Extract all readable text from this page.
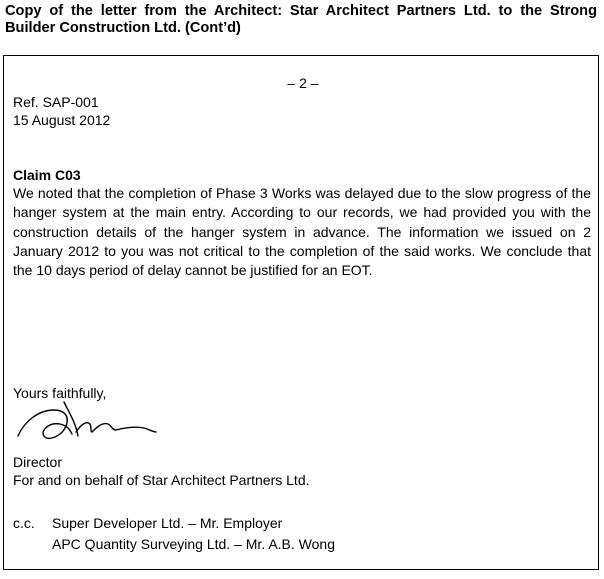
Copy of the letter from the Architect: Star Architect Partners Ltd. to the Strong Builder Construction Ltd. (Cont’d)
– 2 –
Ref. SAP-001
15 August 2012
Claim C03
We noted that the completion of Phase 3 Works was delayed due to the slow progress of the hanger system at the main entry. According to our records, we had provided you with the construction details of the hanger system in advance. The information we issued on 2 January 2012 to you was not critical to the completion of the said works. We conclude that the 10 days period of delay cannot be justified for an EOT.
Yours faithfully,
Director
For and on behalf of Star Architect Partners Ltd.
c.c. Super Developer Ltd. – Mr. Employer
APC Quantity Surveying Ltd. – Mr. A.B. Wong
